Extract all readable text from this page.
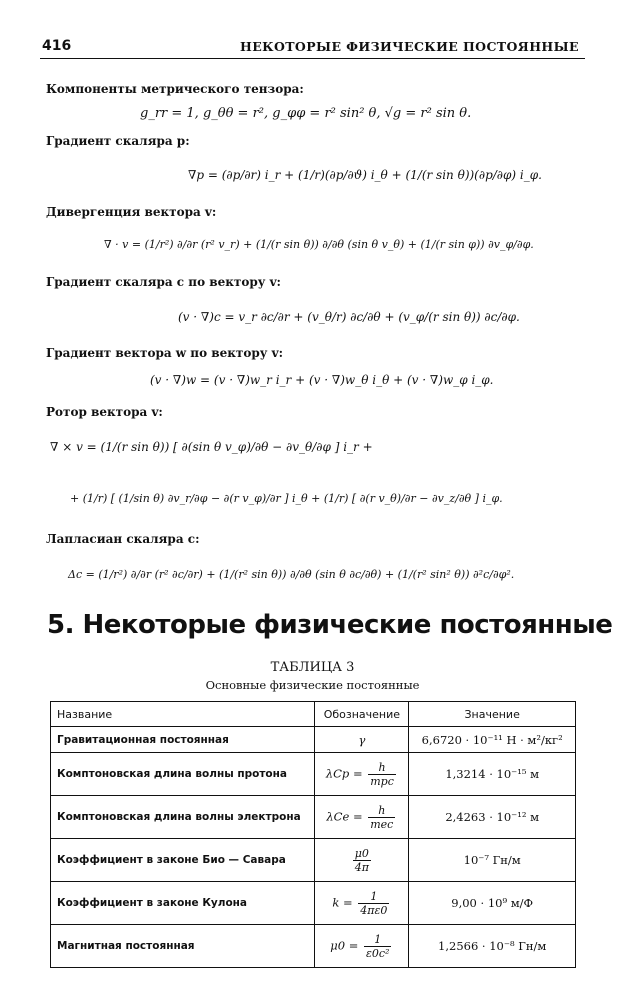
416	НЕКОТОРЫЕ ФИЗИЧЕСКИЕ ПОСТОЯННЫЕ
Компоненты метрического тензора:
g_rr = 1, g_θθ = r², g_φφ = r² sin² θ, √g = r² sin θ.
Градиент скаляра p:
∇p = (∂p/∂r) i_r + (1/r)(∂p/∂ϑ) i_θ + (1/(r sin θ))(∂p/∂φ) i_φ.
Дивергенция вектора v:
∇ · v = (1/r²) ∂/∂r (r² v_r) + (1/(r sin θ)) ∂/∂θ (sin θ v_θ) + (1/(r sin φ)) ∂v_φ/∂φ.
Градиент скаляра c по вектору v:
(v · ∇)c = v_r ∂c/∂r + (v_θ/r) ∂c/∂θ + (v_φ/(r sin θ)) ∂c/∂φ.
Градиент вектора w по вектору v:
(v · ∇)w = (v · ∇)w_r i_r + (v · ∇)w_θ i_θ + (v · ∇)w_φ i_φ.
Ротор вектора v:
∇ × v = (1/(r sin θ)) [ ∂(sin θ v_φ)/∂θ − ∂v_θ/∂φ ] i_r +
+ (1/r) [ (1/sin θ) ∂v_r/∂φ − ∂(r v_φ)/∂r ] i_θ + (1/r) [ ∂(r v_θ)/∂r − ∂v_z/∂θ ] i_φ.
Лапласиан скаляра c:
Δc = (1/r²) ∂/∂r (r² ∂c/∂r) + (1/(r² sin θ)) ∂/∂θ (sin θ ∂c/∂θ) + (1/(r² sin² θ)) ∂²c/∂φ².
5. Некоторые физические постоянные
ТАБЛИЦА 3
Основные физические постоянные
Название	Обозначение	Значение
Гравитационная постоянная	γ	6,6720 · 10⁻¹¹ Н · м²/кг²
Комптоновская длина волны протона	$\lambda Cp = \frac{h}{\text{mpc}}$	1,3214 · 10⁻¹⁵ м
Комптоновская длина волны электрона	$\lambda Ce = \frac{h}{\text{mec}}$	2,4263 · 10⁻¹² м
Коэффициент в законе Био — Савара	$\frac{\mu 0}{4\pi}$	10⁻⁷ Гн/м
Коэффициент в законе Кулона	$k = \frac{1}{4\pi\varepsilon 0}$	9,00 · 10⁹ м/Ф
Магнитная постоянная	$\mu 0 = \frac{1}{\text{ε0c²}}$	1,2566 · 10⁻⁸ Гн/м
